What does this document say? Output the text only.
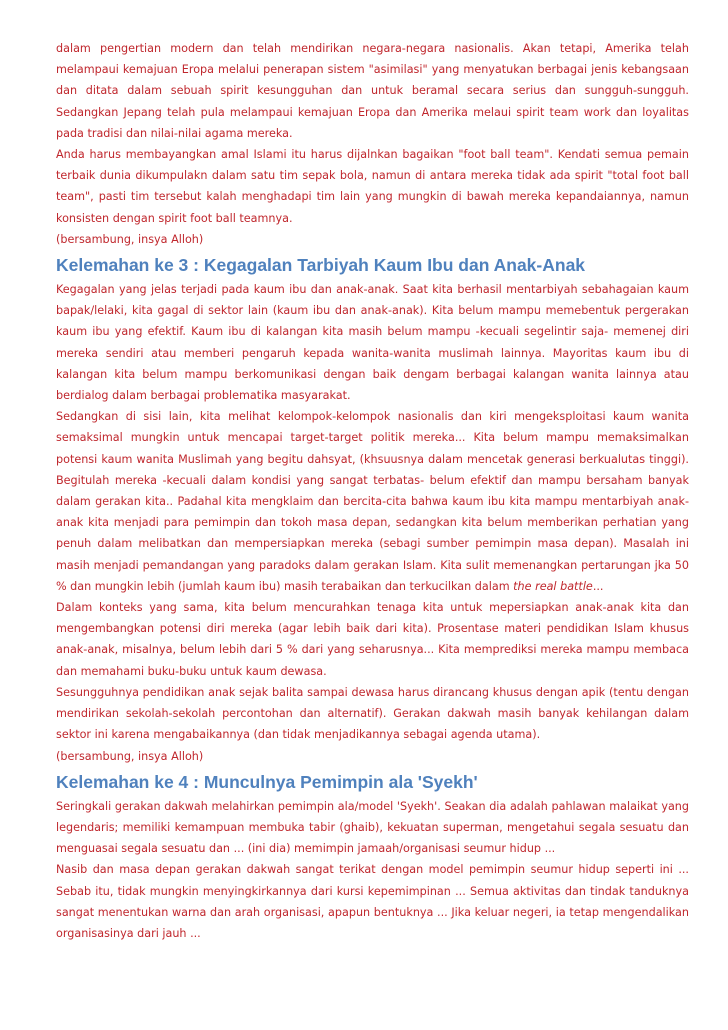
dalam pengertian modern dan telah mendirikan negara-negara nasionalis. Akan tetapi, Amerika telah melampaui kemajuan Eropa melalui penerapan sistem "asimilasi" yang menyatukan berbagai jenis kebangsaan dan ditata dalam sebuah spirit kesungguhan dan untuk beramal secara serius dan sungguh-sungguh. Sedangkan Jepang telah pula melampaui kemajuan Eropa dan Amerika melaui spirit team work dan loyalitas pada tradisi dan nilai-nilai agama mereka.

Anda harus membayangkan amal Islami itu harus dijalnkan bagaikan "foot ball team". Kendati semua pemain terbaik dunia dikumpulakn dalam satu tim sepak bola, namun di antara mereka tidak ada spirit "total foot ball team", pasti tim tersebut kalah menghadapi tim lain yang mungkin di bawah mereka kepandaiannya, namun konsisten dengan spirit foot ball teamnya.

(bersambung, insya Alloh)

Kelemahan ke 3 : Kegagalan Tarbiyah Kaum Ibu dan Anak-Anak

Kegagalan yang jelas terjadi pada kaum ibu dan anak-anak. Saat kita berhasil mentarbiyah sebahagaian kaum bapak/lelaki, kita gagal di sektor lain (kaum ibu dan anak-anak). Kita belum mampu memebentuk pergerakan kaum ibu yang efektif. Kaum ibu di kalangan kita masih belum mampu -kecuali segelintir saja- memenej diri mereka sendiri atau memberi pengaruh kepada wanita-wanita muslimah lainnya. Mayoritas kaum ibu di kalangan kita belum mampu berkomunikasi dengan baik dengam berbagai kalangan wanita lainnya atau berdialog dalam berbagai problematika masyarakat.

Sedangkan di sisi lain, kita melihat kelompok-kelompok nasionalis dan kiri mengeksploitasi kaum wanita semaksimal mungkin untuk mencapai target-target politik mereka... Kita belum mampu memaksimalkan potensi kaum wanita Muslimah yang begitu dahsyat, (khsuusnya dalam mencetak generasi berkualutas tinggi). Begitulah mereka -kecuali dalam kondisi yang sangat terbatas- belum efektif dan mampu bersaham banyak dalam gerakan kita.. Padahal kita mengklaim dan bercita-cita bahwa kaum ibu kita mampu mentarbiyah anak-anak kita menjadi para pemimpin dan tokoh masa depan, sedangkan kita belum memberikan perhatian yang penuh dalam melibatkan dan mempersiapkan mereka (sebagi sumber pemimpin masa depan). Masalah ini masih menjadi pemandangan yang paradoks dalam gerakan Islam. Kita sulit memenangkan pertarungan jka 50 % dan mungkin lebih (jumlah kaum ibu) masih terabaikan dan terkucilkan dalam the real battle...

Dalam konteks yang sama, kita belum mencurahkan tenaga kita untuk mepersiapkan anak-anak kita dan mengembangkan potensi diri mereka (agar lebih baik dari kita). Prosentase materi pendidikan Islam khusus anak-anak, misalnya, belum lebih dari 5 % dari yang seharusnya... Kita memprediksi mereka mampu membaca dan memahami buku-buku untuk kaum dewasa.

Sesungguhnya pendidikan anak sejak balita sampai dewasa harus dirancang khusus dengan apik (tentu dengan mendirikan sekolah-sekolah percontohan dan alternatif). Gerakan dakwah masih banyak kehilangan dalam sektor ini karena mengabaikannya (dan tidak menjadikannya sebagai agenda utama).

(bersambung, insya Alloh)

Kelemahan ke 4 : Munculnya Pemimpin ala 'Syekh'

Seringkali gerakan dakwah melahirkan pemimpin ala/model 'Syekh'. Seakan dia adalah pahlawan malaikat yang legendaris; memiliki kemampuan membuka tabir (ghaib), kekuatan superman, mengetahui segala sesuatu dan menguasai segala sesuatu dan ... (ini dia) memimpin jamaah/organisasi seumur hidup ...

Nasib dan masa depan gerakan dakwah sangat terikat dengan model pemimpin seumur hidup seperti ini ... Sebab itu, tidak mungkin menyingkirkannya dari kursi kepemimpinan ... Semua aktivitas dan tindak tanduknya sangat menentukan warna dan arah organisasi, apapun bentuknya ... Jika keluar negeri, ia tetap mengendalikan organisasinya dari jauh ...
